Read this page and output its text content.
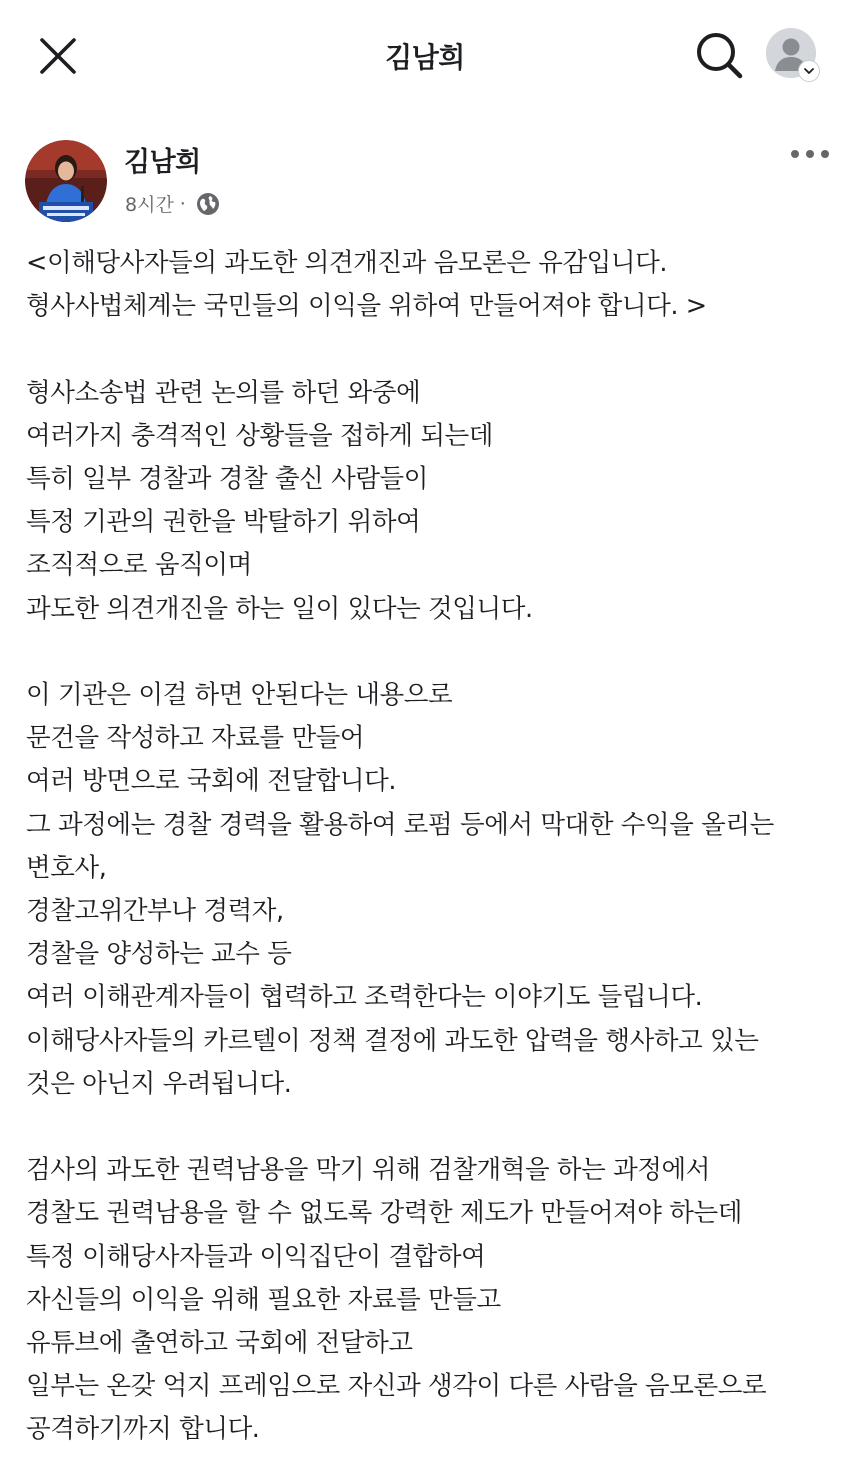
김남희
김남희
8시간 ·
<이해당사자들의 과도한 의견개진과 음모론은 유감입니다.
형사사법체계는 국민들의 이익을 위하여 만들어져야 합니다. >
형사소송법 관련 논의를 하던 와중에
여러가지 충격적인 상황들을 접하게 되는데
특히 일부 경찰과 경찰 출신 사람들이
특정 기관의 권한을 박탈하기 위하여
조직적으로 움직이며
과도한 의견개진을 하는 일이 있다는 것입니다.
이 기관은 이걸 하면 안된다는 내용으로
문건을 작성하고 자료를 만들어
여러 방면으로 국회에 전달합니다.
그 과정에는 경찰 경력을 활용하여 로펌 등에서 막대한 수익을 올리는
변호사,
경찰고위간부나 경력자,
경찰을 양성하는 교수 등
여러 이해관계자들이 협력하고 조력한다는 이야기도 들립니다.
이해당사자들의 카르텔이 정책 결정에 과도한 압력을 행사하고 있는
것은 아닌지 우려됩니다.
검사의 과도한 권력남용을 막기 위해 검찰개혁을 하는 과정에서
경찰도 권력남용을 할 수 없도록 강력한 제도가 만들어져야 하는데
특정 이해당사자들과 이익집단이 결합하여
자신들의 이익을 위해 필요한 자료를 만들고
유튜브에 출연하고 국회에 전달하고
일부는 온갖 억지 프레임으로 자신과 생각이 다른 사람을 음모론으로
공격하기까지 합니다.
